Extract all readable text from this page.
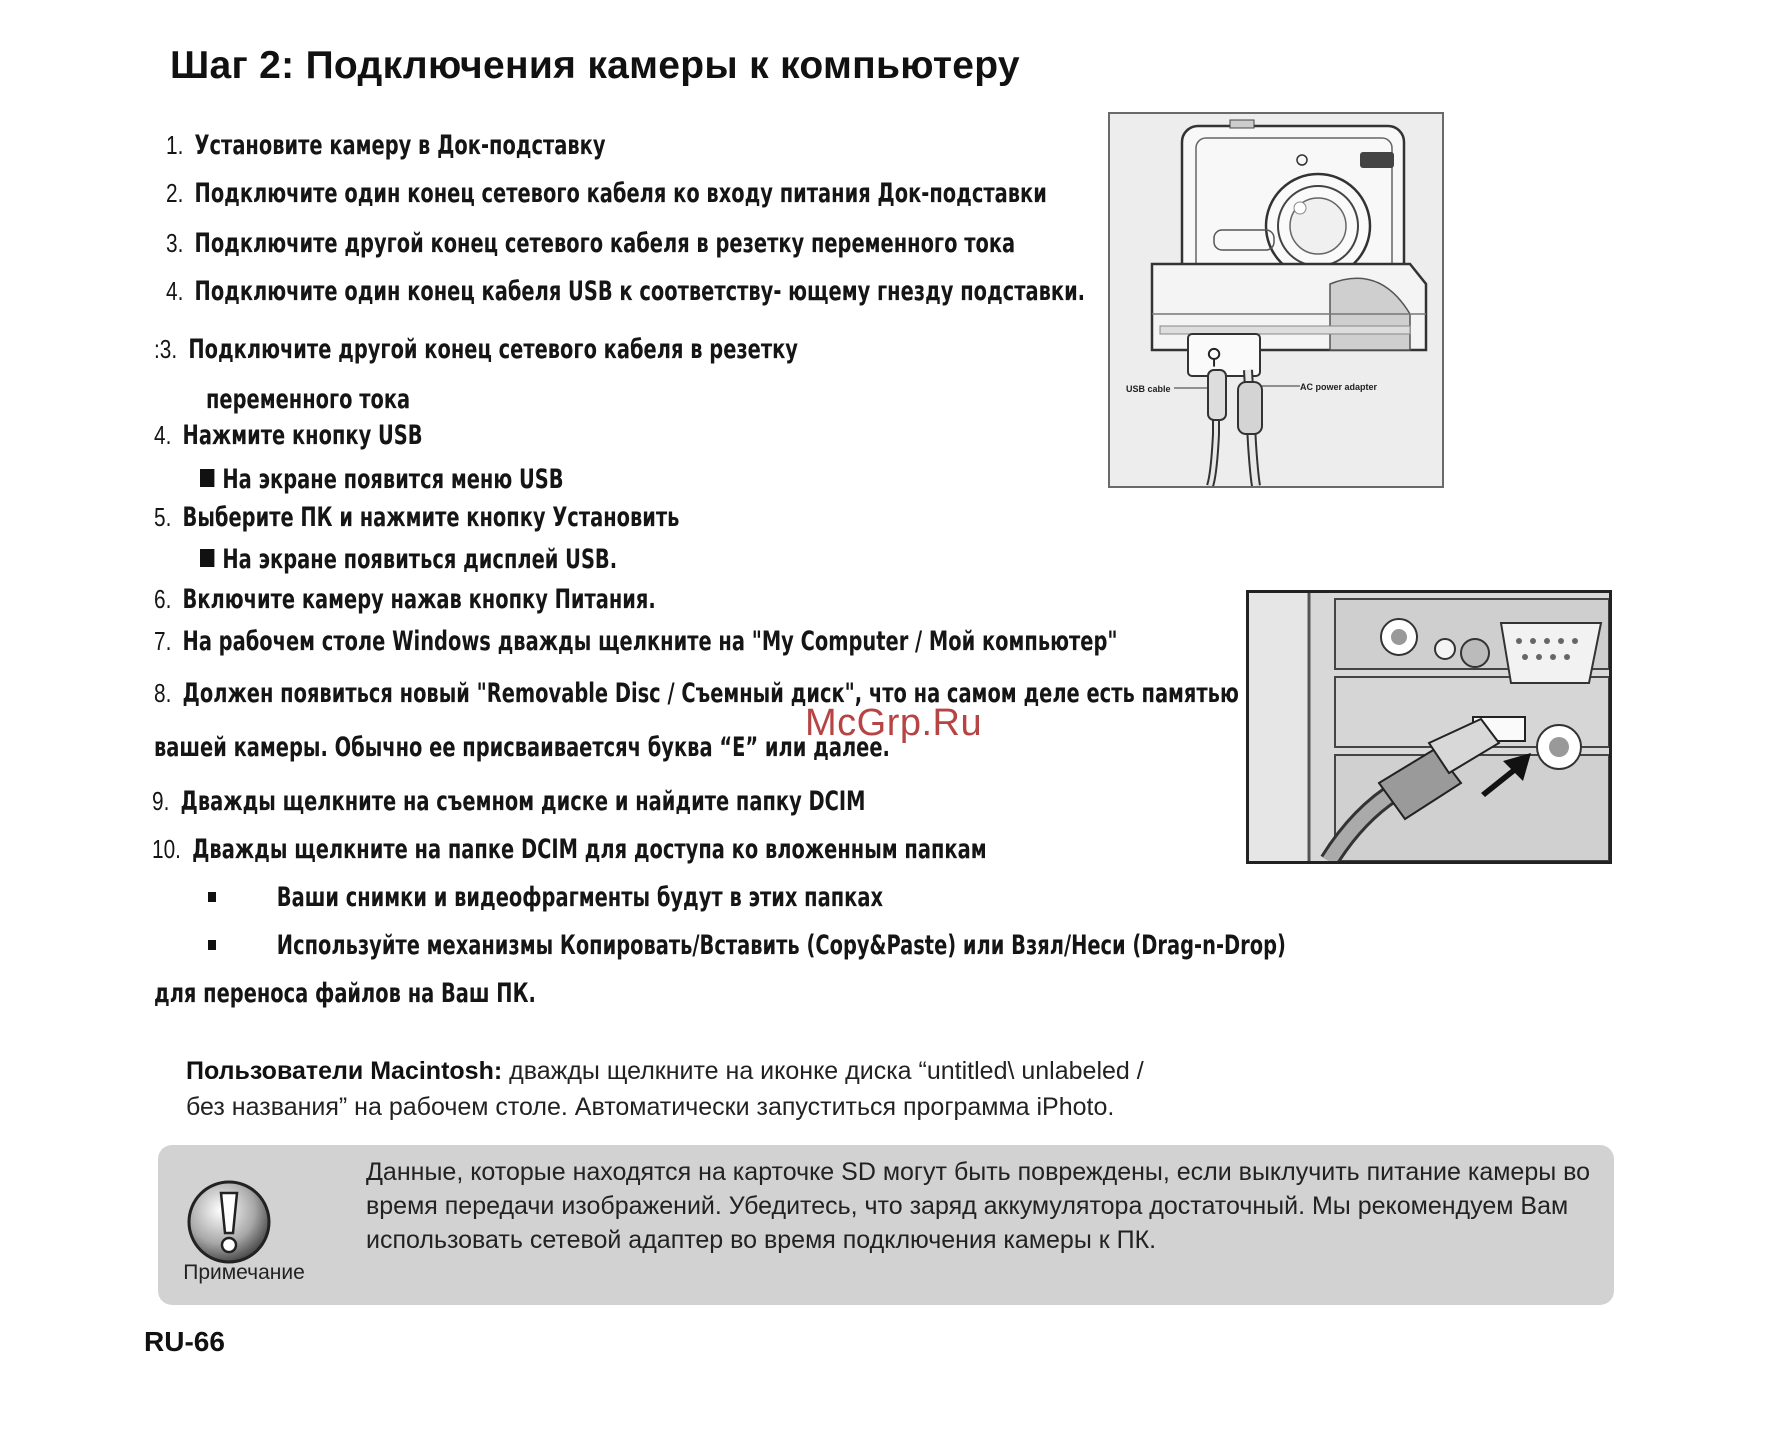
Шаг 2: Подключения камеры к компьютеру
1. Установите камеру в Док-подставку
2. Подключите один конец сетевого кабеля ко входу питания Док-подставки
3. Подключите другой конец сетевого кабеля в резетку переменного тока
4. Подключите один конец кабеля USB к соответству- ющему гнезду подставки.
:3. Подключите другой конец сетевого кабеля в резетку
переменного тока
4. Нажмите кнопку USB
На экране появится меню USB
5. Выберите ПК и нажмите кнопку Установить
На экране появиться дисплей USB.
6. Включите камеру нажав кнопку Питания.
7. На рабочем столе Windows дважды щелкните на "My Computer / Мой компьютер"
8. Должен появиться новый "Removable Disc / Съемный диск", что на самом деле есть памятью
вашей камеры. Обычно ее присваиваетсяч буква “E” или далее.
9. Дважды щелкните на съемном диске и найдите папку DCIM
10. Дважды щелкните на папке DCIM для доступа ко вложенным папкам
Ваши снимки и видеофрагменты будут в этих папках
Используйте механизмы Копировать/Вставить (Copy&Paste) или Взял/Неси (Drag-n-Drop)
для переноса файлов на Ваш ПК.
⚲
USB cable	AC power adapter
McGrp.Ru
Пользователи Macintosh: дважды щелкните на иконке диска “untitled\ unlabeled /
без названия” на рабочем столе. Автоматически запуститься программа iPhoto.
Примечание
Данные, которые находятся на карточке SD могут быть повреждены, если выклучить питание камеры во время передачи изображений. Убедитесь, что заряд аккумулятора достаточный. Мы рекомендуем Вам использовать сетевой адаптер во время подключения камеры к ПК.
RU-66
